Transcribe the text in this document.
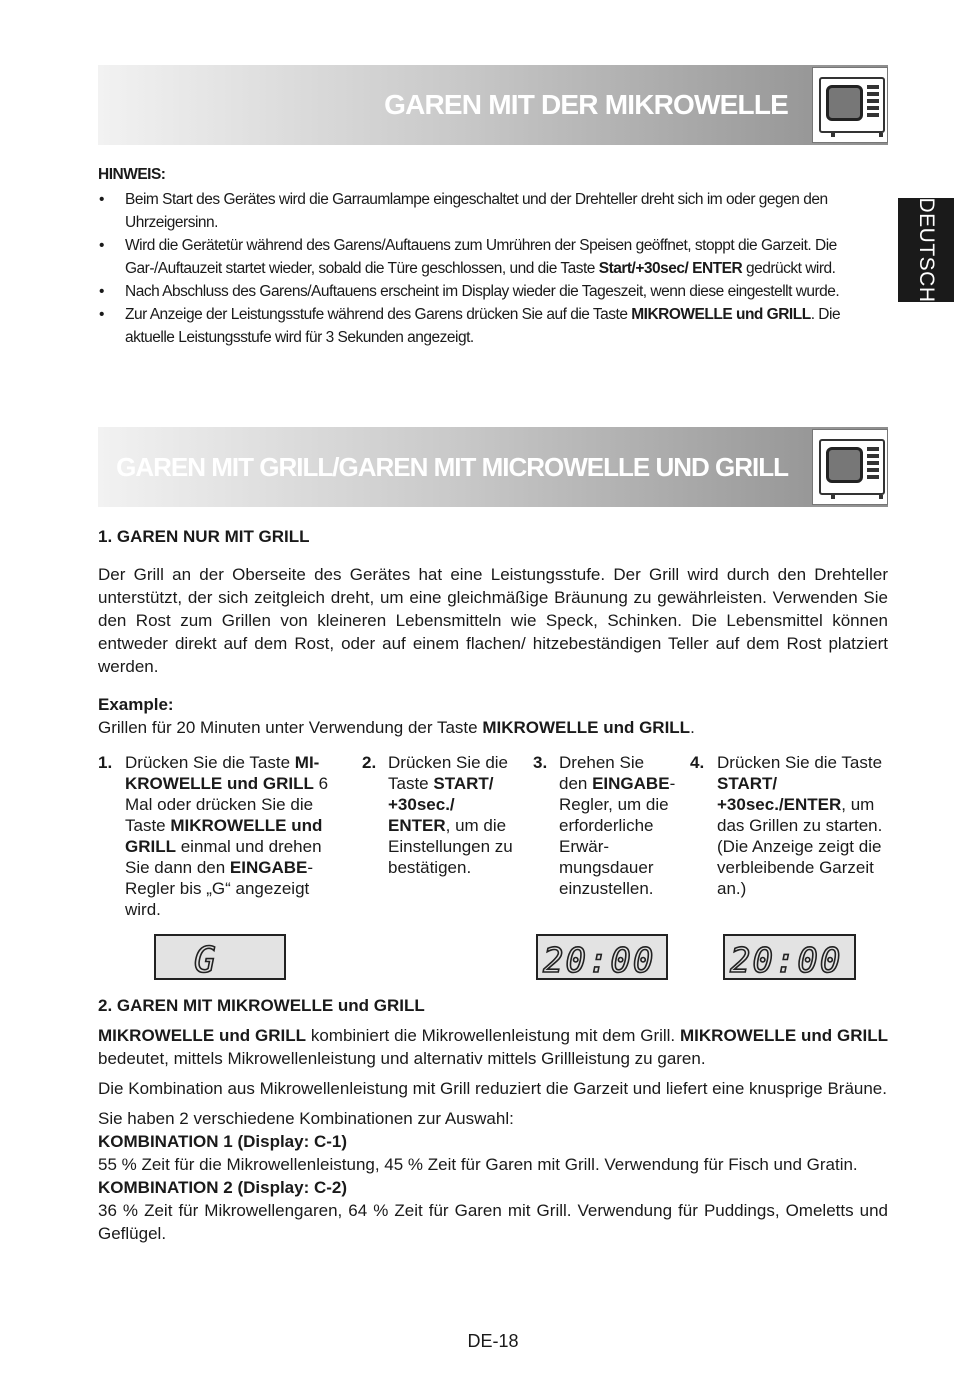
GAREN MIT DER MIKROWELLE
DEUTSCH
HINWEIS:
• Beim Start des Gerätes wird die Garraumlampe eingeschaltet und der Drehteller dreht sich im oder gegen den Uhrzeigersinn.
• Wird die Gerätetür während des Garens/Auftauens zum Umrühren der Speisen geöffnet, stoppt die Garzeit. Die Gar-/Auftauzeit startet wieder, sobald die Türe geschlossen, und die Taste Start/+30sec/ ENTER gedrückt wird.
• Nach Abschluss des Garens/Auftauens erscheint im Display wieder die Tageszeit, wenn diese eingestellt wurde.
• Zur Anzeige der Leistungsstufe während des Garens drücken Sie auf die Taste MIKROWELLE und GRILL. Die aktuelle Leistungsstufe wird für 3 Sekunden angezeigt.
GAREN MIT GRILL/GAREN MIT MICROWELLE UND GRILL
1. GAREN NUR MIT GRILL
Der Grill an der Oberseite des Gerätes hat eine Leistungsstufe. Der Grill wird durch den Drehteller unterstützt, der sich zeitgleich dreht, um eine gleichmäßige Bräunung zu gewährleisten. Verwenden Sie den Rost zum Grillen von kleineren Lebensmitteln wie Speck, Schinken. Die Lebensmittel können entweder direkt auf dem Rost, oder auf einem flachen/ hitzebeständigen Teller auf dem Rost platziert werden.
Example:
Grillen für 20 Minuten unter Verwendung der Taste MIKROWELLE und GRILL.
1. Drücken Sie die Taste MIKROWELLE und GRILL 6 Mal oder drücken Sie die Taste MIKROWELLE und GRILL einmal und drehen Sie dann den EINGABE-Regler bis „G“ angezeigt wird.
2. Drücken Sie die Taste START/ +30sec./ ENTER, um die Einstellungen zu bestätigen.
3. Drehen Sie den EINGABE-Regler, um die erforderliche Erwärmungsdauer einzustellen.
4. Drücken Sie die Taste START/ +30sec./ENTER, um das Grillen zu starten. (Die Anzeige zeigt die verbleibende Garzeit an.)
G	20:00 20:00
2. GAREN MIT MIKROWELLE und GRILL
MIKROWELLE und GRILL kombiniert die Mikrowellenleistung mit dem Grill. MIKROWELLE und GRILL bedeutet, mittels Mikrowellenleistung und alternativ mittels Grillleistung zu garen.
Die Kombination aus Mikrowellenleistung mit Grill reduziert die Garzeit und liefert eine knusprige Bräune.
Sie haben 2 verschiedene Kombinationen zur Auswahl:
KOMBINATION 1 (Display: C-1)
55 % Zeit für die Mikrowellenleistung, 45 % Zeit für Garen mit Grill. Verwendung für Fisch und Gratin.
KOMBINATION 2 (Display: C-2)
36 % Zeit für Mikrowellengaren, 64 % Zeit für Garen mit Grill. Verwendung für Puddings, Omeletts und Geflügel.
DE-18
